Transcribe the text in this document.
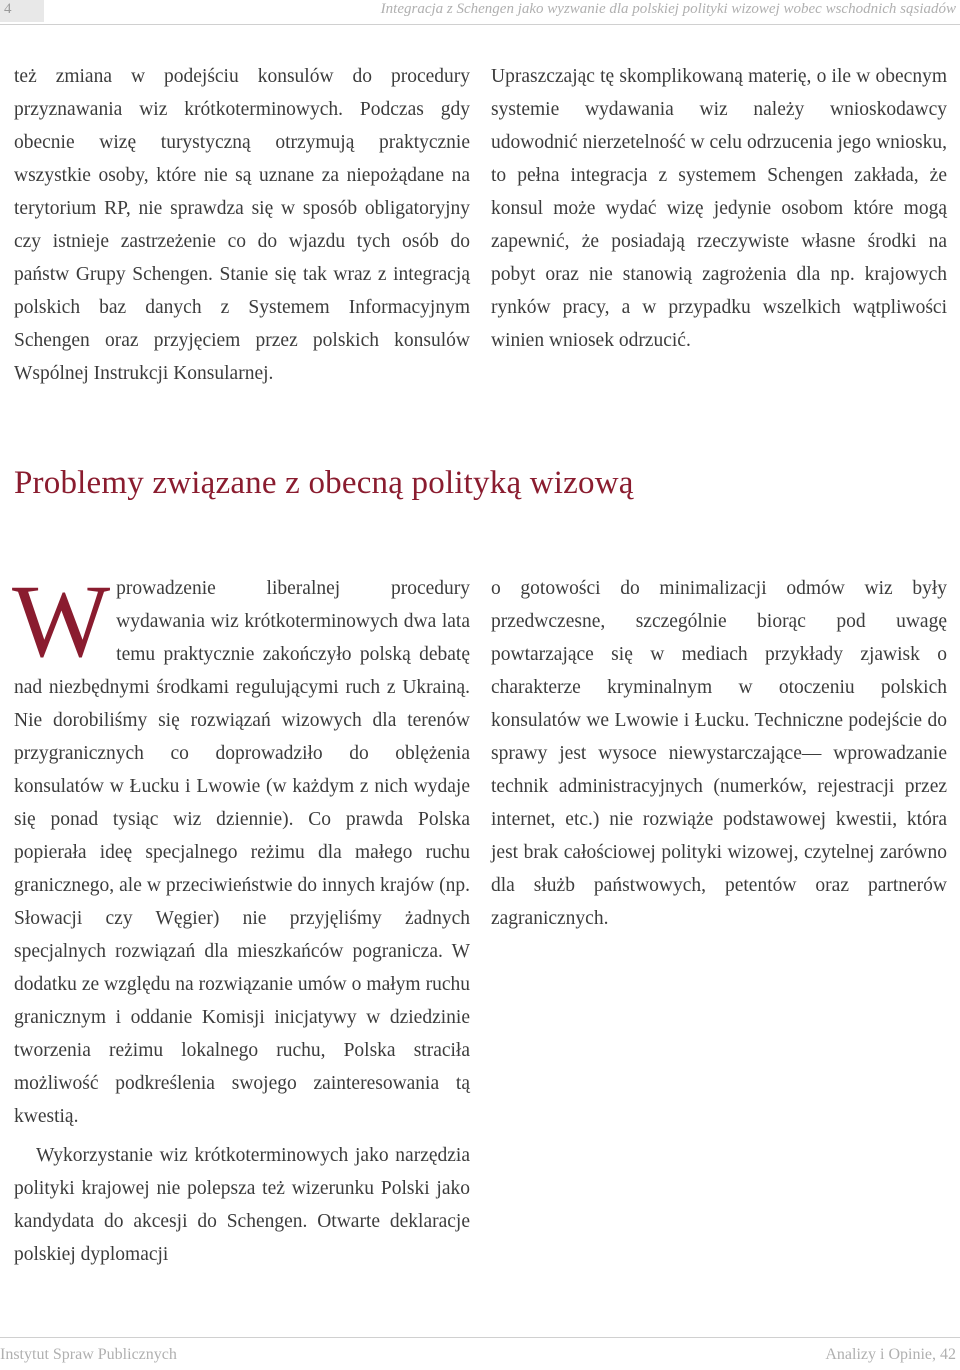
4	Integracja z Schengen jako wyzwanie dla polskiej polityki wizowej wobec wschodnich sąsiadów

też zmiana w podejściu konsulów do procedury przyznawania wiz krótkoterminowych. Podczas gdy obecnie wizę turystyczną otrzymują praktycznie wszystkie osoby, które nie są uznane za niepożądane na terytorium RP, nie sprawdza się w sposób obligatoryjny czy istnieje zastrzeżenie co do wjazdu tych osób do państw Grupy Schengen. Stanie się tak wraz z integracją polskich baz danych z Systemem Informacyjnym Schengen oraz przyjęciem przez polskich konsulów Wspólnej Instrukcji Konsularnej.

Upraszczając tę skomplikowaną materię, o ile w obecnym systemie wydawania wiz należy wnioskodawcy udowodnić nierzetelność w celu odrzucenia jego wniosku, to pełna integracja z systemem Schengen zakłada, że konsul może wydać wizę jedynie osobom które mogą zapewnić, że posiadają rzeczywiste własne środki na pobyt oraz nie stanowią zagrożenia dla np. krajowych rynków pracy, a w przypadku wszelkich wątpliwości winien wniosek odrzucić.

Problemy związane z obecną polityką wizową

Wprowadzenie liberalnej procedury wydawania wiz krótkoterminowych dwa lata temu praktycznie zakończyło polską debatę nad niezbędnymi środkami regulującymi ruch z Ukrainą. Nie dorobiliśmy się rozwiązań wizowych dla terenów przygranicznych co doprowadziło do oblężenia konsulatów w Łucku i Lwowie (w każdym z nich wydaje się ponad tysiąc wiz dziennie). Co prawda Polska popierała ideę specjalnego reżimu dla małego ruchu granicznego, ale w przeciwieństwie do innych krajów (np. Słowacji czy Węgier) nie przyjęliśmy żadnych specjalnych rozwiązań dla mieszkańców pogranicza. W dodatku ze względu na rozwiązanie umów o małym ruchu granicznym i oddanie Komisji inicjatywy w dziedzinie tworzenia reżimu lokalnego ruchu, Polska straciła możliwość podkreślenia swojego zainteresowania tą kwestią.

Wykorzystanie wiz krótkoterminowych jako narzędzia polityki krajowej nie polepsza też wizerunku Polski jako kandydata do akcesji do Schengen. Otwarte deklaracje polskiej dyplomacji

o gotowości do minimalizacji odmów wiz były przedwczesne, szczególnie biorąc pod uwagę powtarzające się w mediach przykłady zjawisk o charakterze kryminalnym w otoczeniu polskich konsulatów we Lwowie i Łucku. Techniczne podejście do sprawy jest wysoce niewystarczające— wprowadzanie technik administracyjnych (numerków, rejestracji przez internet, etc.) nie rozwiąże podstawowej kwestii, która jest brak całościowej polityki wizowej, czytelnej zarówno dla służb państwowych, petentów oraz partnerów zagranicznych.

Instytut Spraw Publicznych	Analizy i Opinie, 42
